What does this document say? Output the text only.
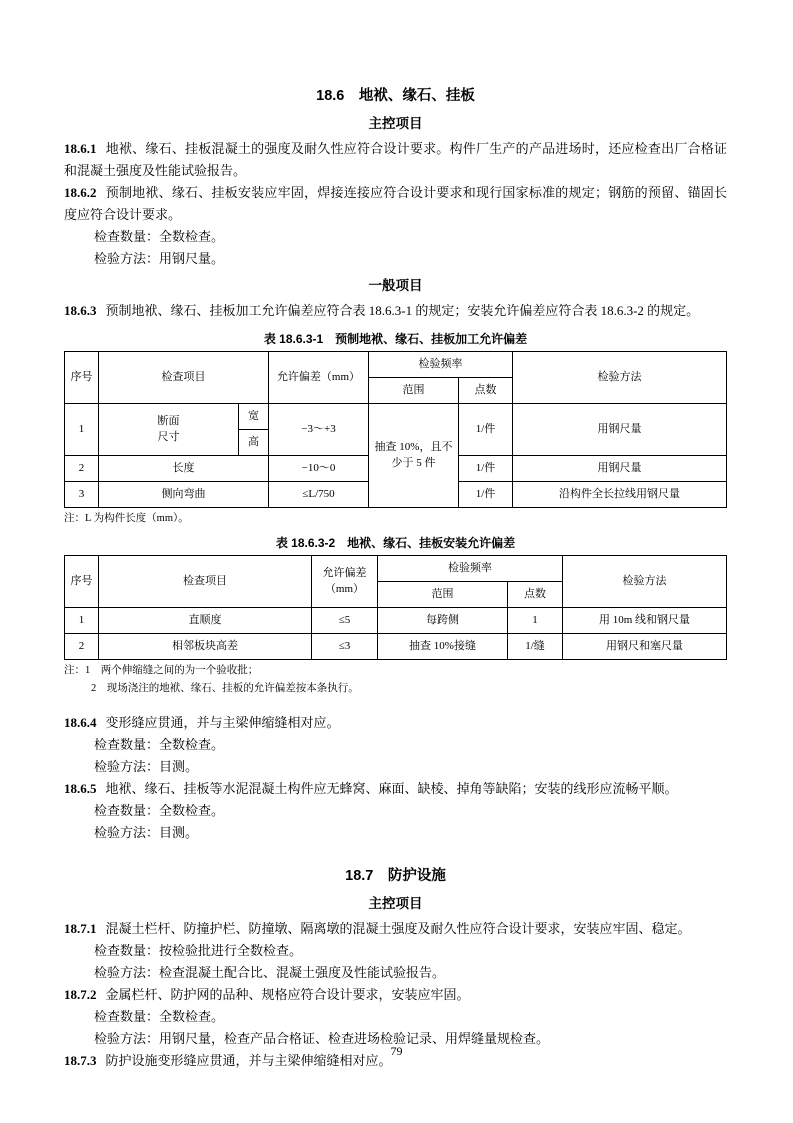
18.6　地袱、缘石、挂板
主控项目

18.6.1 地袱、缘石、挂板混凝土的强度及耐久性应符合设计要求。构件厂生产的产品进场时，还应检查出厂合格证和混凝土强度及性能试验报告。

18.6.2 预制地袱、缘石、挂板安装应牢固，焊接连接应符合设计要求和现行国家标准的规定；钢筋的预留、锚固长度应符合设计要求。

检查数量：全数检查。

检验方法：用钢尺量。

一般项目

18.6.3 预制地袱、缘石、挂板加工允许偏差应符合表 18.6.3-1 的规定；安装允许偏差应符合表 18.6.3-2 的规定。

表 18.6.3-1　预制地袱、缘石、挂板加工允许偏差
序号	检查项目		允许偏差（mm）	检验频率		检验方法
				范围	点数	
1	断面尺寸	宽	−3～+3	抽查 10%，且不少于 5 件	1/件	用钢尺量
		高				
2	长度		−10～0		1/件	用钢尺量
3	侧向弯曲		≤L/750		1/件	沿构件全长拉线用钢尺量
注：L 为构件长度（mm）。
表 18.6.3-2　地袱、缘石、挂板安装允许偏差
序号	检查项目	允许偏差（mm）	检验频率		检验方法
			范围	点数	
1	直顺度	≤5	每跨侧	1	用 10m 线和钢尺量
2	相邻板块高差	≤3	抽查 10%接缝	1/缝	用钢尺和塞尺量
注：1　两个伸缩缝之间的为一个验收批；
2　现场浇注的地袱、缘石、挂板的允许偏差按本条执行。

18.6.4 变形缝应贯通，并与主梁伸缩缝相对应。

检查数量：全数检查。

检验方法：目测。

18.6.5 地袱、缘石、挂板等水泥混凝土构件应无蜂窝、麻面、缺棱、掉角等缺陷；安装的线形应流畅平顺。

检查数量：全数检查。

检验方法：目测。

18.7　防护设施
主控项目

18.7.1 混凝土栏杆、防撞护栏、防撞墩、隔离墩的混凝土强度及耐久性应符合设计要求，安装应牢固、稳定。

检查数量：按检验批进行全数检查。

检验方法：检查混凝土配合比、混凝土强度及性能试验报告。

18.7.2 金属栏杆、防护网的品种、规格应符合设计要求，安装应牢固。

检查数量：全数检查。

检验方法：用钢尺量，检查产品合格证、检查进场检验记录、用焊缝量规检查。

18.7.3 防护设施变形缝应贯通，并与主梁伸缩缝相对应。

79
